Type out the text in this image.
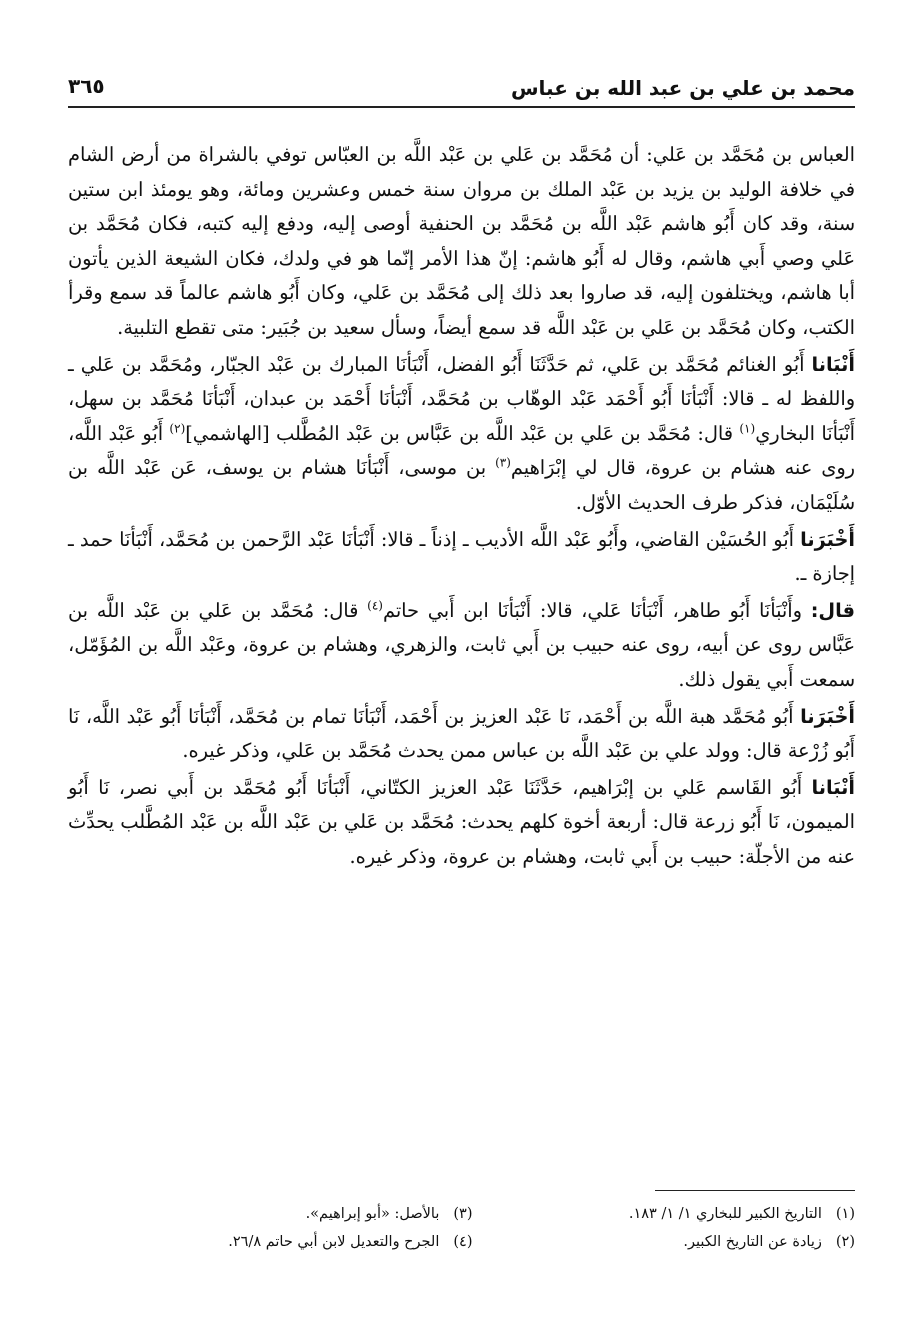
محمد بن علي بن عبد الله بن عباس
٣٦٥

العباس بن مُحَمَّد بن عَلي: أن مُحَمَّد بن عَلي بن عَبْد اللَّه بن العبّاس توفي بالشراة من أرض الشام في خلافة الوليد بن يزيد بن عَبْد الملك بن مروان سنة خمس وعشرين ومائة، وهو يومئذ ابن ستين سنة، وقد كان أَبُو هاشم عَبْد اللَّه بن مُحَمَّد بن الحنفية أوصى إليه، ودفع إليه كتبه، فكان مُحَمَّد بن عَلي وصي أَبي هاشم، وقال له أَبُو هاشم: إنّ هذا الأمر إنّما هو في ولدك، فكان الشيعة الذين يأتون أبا هاشم، ويختلفون إليه، قد صاروا بعد ذلك إلى مُحَمَّد بن عَلي، وكان أَبُو هاشم عالماً قد سمع وقرأ الكتب، وكان مُحَمَّد بن عَلي بن عَبْد اللَّه قد سمع أيضاً، وسأل سعيد بن جُبَير: متى تقطع التلبية.

أَنْبَانا أَبُو الغنائم مُحَمَّد بن عَلي، ثم حَدَّثَنَا أَبُو الفضل، أَنْبَأنَا المبارك بن عَبْد الجبّار، ومُحَمَّد بن عَلي ـ واللفظ له ـ قالا: أَنْبَأنَا أَبُو أَحْمَد عَبْد الوهّاب بن مُحَمَّد، أَنْبَأنَا أَحْمَد بن عبدان، أَنْبَأنَا مُحَمَّد بن سهل، أَنْبَأنَا البخاري$^{(١)}$ قال: مُحَمَّد بن عَلي بن عَبْد اللَّه بن عَبَّاس بن عَبْد المُطَّلب [الهاشمي]$^{(٢)}$ أَبُو عَبْد اللَّه، روى عنه هشام بن عروة، قال لي إبْرَاهيم$^{(٣)}$ بن موسى، أَنْبَأنَا هشام بن يوسف، عَن عَبْد اللَّه بن سُلَيْمَان، فذكر طرف الحديث الأوّل.

أَخْبَرَنا أَبُو الحُسَيْن القاضي، وأَبُو عَبْد اللَّه الأديب ـ إذناً ـ قالا: أَنْبَأنَا عَبْد الرَّحمن بن مُحَمَّد، أَنْبَأنَا حمد ـ إجازة ـ.

قال: وأَنْبَأنَا أَبُو طاهر، أَنْبَأنَا عَلي، قالا: أَنْبَأنَا ابن أَبي حاتم$^{(٤)}$ قال: مُحَمَّد بن عَلي بن عَبْد اللَّه بن عَبَّاس روى عن أبيه، روى عنه حبيب بن أَبي ثابت، والزهري، وهشام بن عروة، وعَبْد اللَّه بن المُؤَمّل، سمعت أَبي يقول ذلك.

أَخْبَرَنا أَبُو مُحَمَّد هبة اللَّه بن أَحْمَد، نَا عَبْد العزيز بن أَحْمَد، أَنْبَأنَا تمام بن مُحَمَّد، أَنْبَأنَا أَبُو عَبْد اللَّه، نَا أَبُو زُرْعة قال: وولد علي بن عَبْد اللَّه بن عباس ممن يحدث مُحَمَّد بن عَلي، وذكر غيره.

أَنْبَانا أَبُو القَاسم عَلي بن إبْرَاهيم، حَدَّثَنَا عَبْد العزيز الكتّاني، أَنْبَأنَا أَبُو مُحَمَّد بن أَبي نصر، نَا أَبُو الميمون، نَا أَبُو زرعة قال: أربعة أخوة كلهم يحدث: مُحَمَّد بن عَلي بن عَبْد اللَّه بن عَبْد المُطَّلب يحدِّث عنه من الأجلّة: حبيب بن أَبي ثابت، وهشام بن عروة، وذكر غيره.

(١)التاريخ الكبير للبخاري ١/ ١/ ١٨٣.
(٣)بالأصل: «أبو إبراهيم».
(٢)زيادة عن التاريخ الكبير.
(٤)الجرح والتعديل لابن أبي حاتم ٢٦/٨.
